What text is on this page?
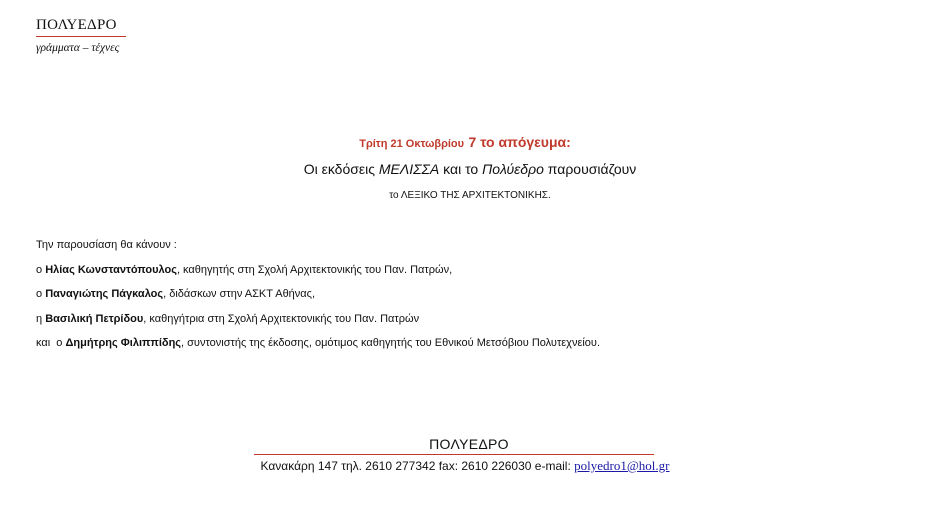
ΠΟΛΥΕΔΡΟ
γράμματα – τέχνες
Τρίτη 21 Οκτωβρίου 7 το απόγευμα:
Οι εκδόσεις ΜΕΛΙΣΣΑ και το Πολύεδρο παρουσιάζουν
το ΛΕΞΙΚΟ ΤΗΣ ΑΡΧΙΤΕΚΤΟΝΙΚΗΣ.
Την παρουσίαση θα κάνουν :
ο Ηλίας Κωνσταντόπουλος, καθηγητής στη Σχολή Αρχιτεκτονικής του Παν. Πατρών,
ο Παναγιώτης Πάγκαλος, διδάσκων στην ΑΣΚΤ Αθήνας,
η Βασιλική Πετρίδου, καθηγήτρια στη Σχολή Αρχιτεκτονικής του Παν. Πατρών
και  ο Δημήτρης Φιλιππίδης, συντονιστής της έκδοσης, ομότιμος καθηγητής του Εθνικού Μετσόβιου Πολυτεχνείου.
ΠΟΛΥΕΔΡΟ
Κανακάρη 147 τηλ. 2610 277342 fax: 2610 226030 e-mail: polyedro1@hol.gr
